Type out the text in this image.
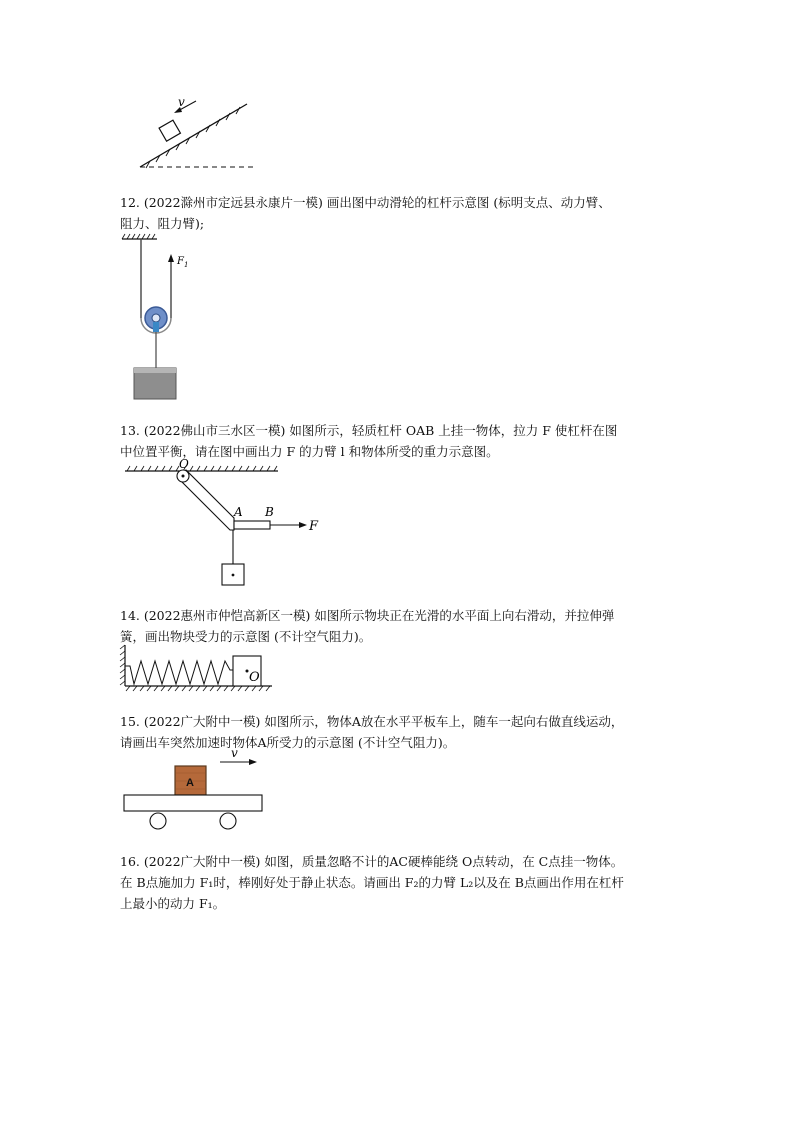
v
12. (2022滁州市定远县永康片一模) 画出图中动滑轮的杠杆示意图 (标明支点、动力臂、
阻力、阻力臂);
F 1
13. (2022佛山市三水区一模) 如图所示，轻质杠杆 OAB 上挂一物体，拉力 F 使杠杆在图
中位置平衡，请在图中画出力 F 的力臂 l 和物体所受的重力示意图。
O
A B
F
14. (2022惠州市仲恺高新区一模) 如图所示物块正在光滑的水平面上向右滑动，并拉伸弹
簧，画出物块受力的示意图 (不计空气阻力)。
O
15. (2022广大附中一模) 如图所示，物体A放在水平平板车上，随车一起向右做直线运动，
请画出车突然加速时物体A所受力的示意图 (不计空气阻力)。
v
A
16. (2022广大附中一模) 如图，质量忽略不计的AC硬棒能绕 O点转动，在 C点挂一物体。
在 B点施加力 F₁时，棒刚好处于静止状态。请画出 F₂的力臂 L₂以及在 B点画出作用在杠杆
上最小的动力 F₁。
